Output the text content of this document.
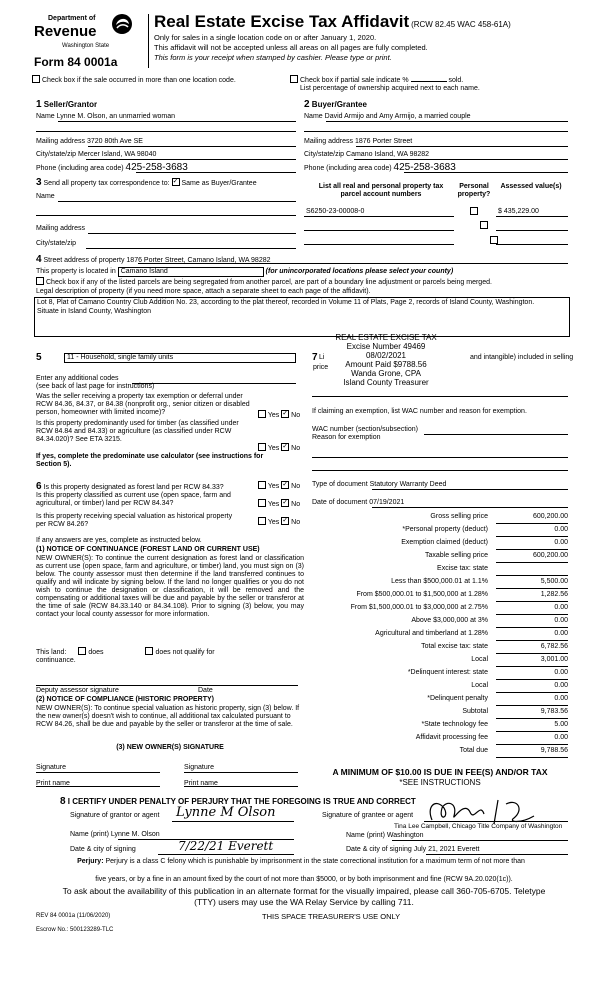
Department of
Revenue
Washington State
Form 84 0001a
Real Estate Excise Tax Affidavit (RCW 82.45 WAC 458-61A)
Only for sales in a single location code on or after January 1, 2020.
This affidavit will not be accepted unless all areas on all pages are fully completed.
This form is your receipt when stamped by cashier. Please type or print.
Check box if the sale occurred in more than one location code.	Check box if partial sale indicate %	sold.
List percentage of ownership acquired next to each name.
1 Seller/Grantor
Name Lynne M. Olson, an unmarried woman
Mailing address 3720 80th Ave SE
City/state/zip Mercer Island, WA 98040
Phone (including area code) 425-258-3683
2 Buyer/Grantee
Name David Armijo and Amy Armijo, a married couple
Mailing address 1876 Porter Street
City/state/zip Camano Island, WA 98282
Phone (including area code) 425-258-3683
3 Send all property tax correspondence to: ✓ Same as Buyer/Grantee
Name
Mailing address
City/state/zip
List all real and personal property tax parcel account numbers
Personal property?
Assessed value(s)
S6250-23-00008-0
	$ 435,229.00

4 Street address of property 1876 Porter Street, Camano Island, WA 98282
This property is located in Camano Island	(for unincorporated locations please select your county)
Check box if any of the listed parcels are being segregated from another parcel, are part of a boundary line adjustment or parcels being merged.
Legal description of property (if you need more space, attach a separate sheet to each page of the affidavit).
Lot 8, Plat of Camano Country Club Addition No. 23, according to the plat thereof, recorded in Volume 11 of Plats, Page 2, records of Island County, Washington.
Situate in Island County, Washington
REAL ESTATE EXCISE TAX
Excise Number 49469
08/02/2021
Amount Paid $9788.56
Wanda Grone, CPA
Island County Treasurer
5	11 - Household, single family units	7 Li
price
and intangible) included in selling
Enter any additional codes
(see back of last page for instructions)
Was the seller receiving a property tax exemption or deferral under RCW 84.36, 84.37, or 84.38 (nonprofit org., senior citizen or disabled person, homeowner with limited income)?	Yes ✓ No
Is this property predominantly used for timber (as classified under RCW 84.84 and 84.33) or agriculture (as classified under RCW 84.34.020)? See ETA 3215.
Yes ✓ No
If yes, complete the predominate use calculator (see instructions for Section 5).
If claiming an exemption, list WAC number and reason for exemption.
WAC number (section/subsection)
Reason for exemption
6 Is this property designated as forest land per RCW 84.33?	Yes ✓ No
Is this property classified as current use (open space, farm and agricultural, or timber) land per RCW 84.34?	Yes ✓ No
Is this property receiving special valuation as historical property per RCW 84.26?	Yes ✓ No
If any answers are yes, complete as instructed below.
(1) NOTICE OF CONTINUANCE (FOREST LAND OR CURRENT USE)
NEW OWNER(S): To continue the current designation as forest land or classification as current use (open space, farm and agriculture, or timber) land, you must sign on (3) below. The county assessor must then determine if the land transferred continues to qualify and will indicate by signing below. If the land no longer qualifies or you do not wish to continue the designation or classification, it will be removed and the compensating or additional taxes will be due and payable by the seller or transferor at the time of sale (RCW 84.33.140 or 84.34.108). Prior to signing (3) below, you may contact your local county assessor for more information.
This land:	does	does not qualify for
continuance.
Deputy assessor signature	Date
(2) NOTICE OF COMPLIANCE (HISTORIC PROPERTY)
NEW OWNER(S): To continue special valuation as historic property, sign (3) below. If the new owner(s) doesn't wish to continue, all additional tax calculated pursuant to RCW 84.26, shall be due and payable by the seller or transferor at the time of sale.
(3) NEW OWNER(S) SIGNATURE
Signature	Signature
Print name	Print name
Type of document Statutory Warranty Deed
Date of document 07/19/2021
Gross selling price	600,200.00
*Personal property (deduct)	0.00
Exemption claimed (deduct)	0.00
Taxable selling price	600,200.00
Excise tax: state
Less than $500,000.01 at 1.1%	5,500.00
From $500,000.01 to $1,500,000 at 1.28%	1,282.56
From $1,500,000.01 to $3,000,000 at 2.75%	0.00
Above $3,000,000 at 3%	0.00
Agricultural and timberland at 1.28%	0.00
Total excise tax: state	6,782.56
Local	3,001.00
*Delinquent interest: state	0.00
Local	0.00
*Delinquent penalty	0.00
Subtotal	9,783.56
*State technology fee	5.00
Affidavit processing fee	0.00
Total due	9,788.56
A MINIMUM OF $10.00 IS DUE IN FEE(S) AND/OR TAX
*SEE INSTRUCTIONS
8 I CERTIFY UNDER PENALTY OF PERJURY THAT THE FOREGOING IS TRUE AND CORRECT
Signature of grantor or agent Lynne M Olson
Name (print) Lynne M. Olson
Date & city of signing	7/22/21 Everett
Signature of grantee or agent
Tina Lee Campbell, Chicago Title Company of Washington
Name (print) Washington
Date & city of signing July 21, 2021 Everett
Perjury: Perjury is a class C felony which is punishable by imprisonment in the state correctional institution for a maximum term of not more than
five years, or by a fine in an amount fixed by the court of not more than $5000, or by both imprisonment and fine (RCW 9A.20.020(1c)).
To ask about the availability of this publication in an alternate format for the visually impaired, please call 360-705-6705. Teletype
(TTY) users may use the WA Relay Service by calling 711.
REV 84 0001a (11/06/2020)	THIS SPACE TREASURER'S USE ONLY
Escrow No.: 500123289-TLC
